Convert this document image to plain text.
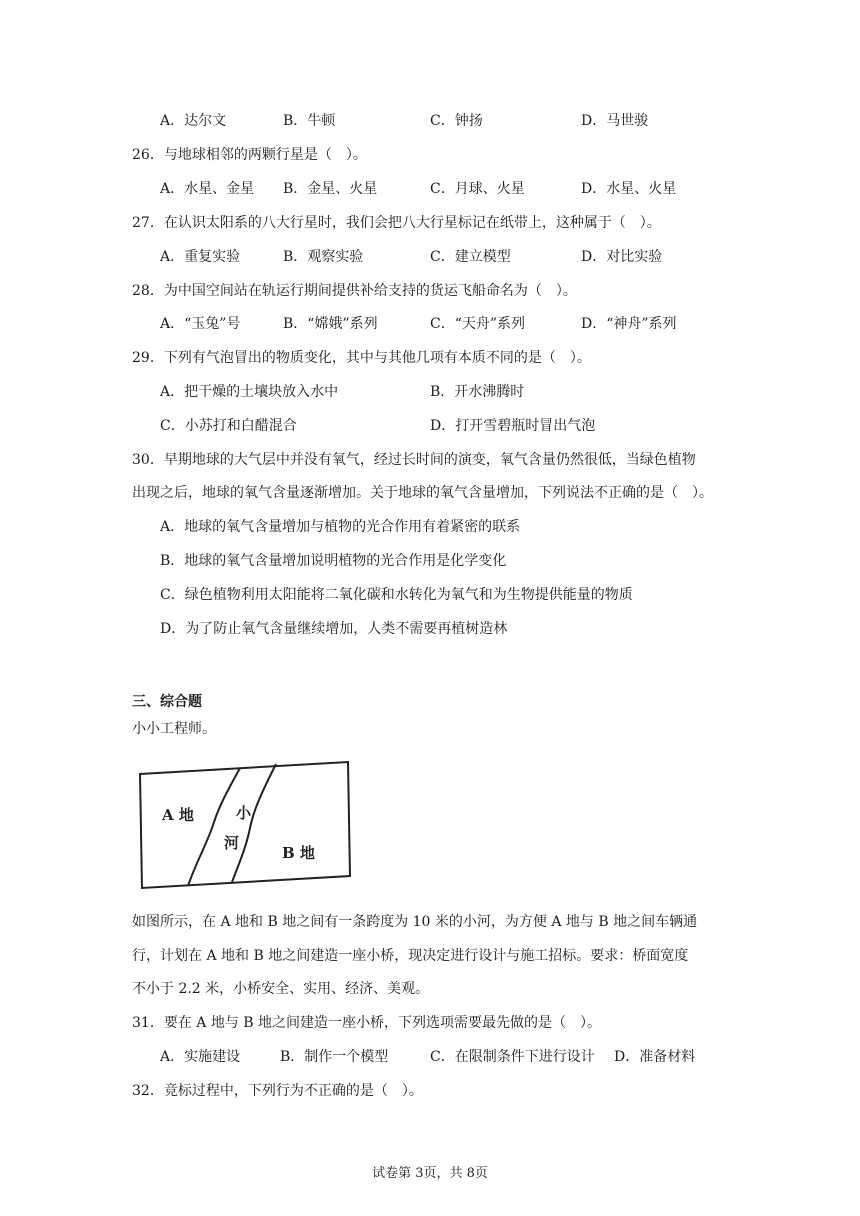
A．达尔文	B．牛顿	C．钟扬	D．马世骏
26．与地球相邻的两颗行星是（　）。
A．水星、金星 B．金星、火星	C．月球、火星	D．水星、火星
27．在认识太阳系的八大行星时，我们会把八大行星标记在纸带上，这种属于（　）。
A．重复实验	B．观察实验	C．建立模型	D．对比实验
28．为中国空间站在轨运行期间提供补给支持的货运飞船命名为（　）。
A．“玉兔”号	B．“嫦娥”系列	C．“天舟”系列	D．“神舟”系列
29．下列有气泡冒出的物质变化，其中与其他几项有本质不同的是（　）。
A．把干燥的土壤块放入水中	B．开水沸腾时
C．小苏打和白醋混合	D．打开雪碧瓶时冒出气泡
30．早期地球的大气层中并没有氧气，经过长时间的演变，氧气含量仍然很低，当绿色植物
出现之后，地球的氧气含量逐渐增加。关于地球的氧气含量增加，下列说法不正确的是（　）。
A．地球的氧气含量增加与植物的光合作用有着紧密的联系
B．地球的氧气含量增加说明植物的光合作用是化学变化
C．绿色植物利用太阳能将二氧化碳和水转化为氧气和为生物提供能量的物质
D．为了防止氧气含量继续增加，人类不需要再植树造林
三、综合题
小小工程师。
A 地	小
河
B 地
如图所示，在 A 地和 B 地之间有一条跨度为 10 米的小河，为方便 A 地与 B 地之间车辆通
行，计划在 A 地和 B 地之间建造一座小桥，现决定进行设计与施工招标。要求：桥面宽度
不小于 2.2 米，小桥安全、实用、经济、美观。
31．要在 A 地与 B 地之间建造一座小桥，下列选项需要最先做的是（　）。
A．实施建设	B．制作一个模型	C．在限制条件下进行设计 D．准备材料
32．竞标过程中，下列行为不正确的是（　）。
试卷第 3页，共 8页
